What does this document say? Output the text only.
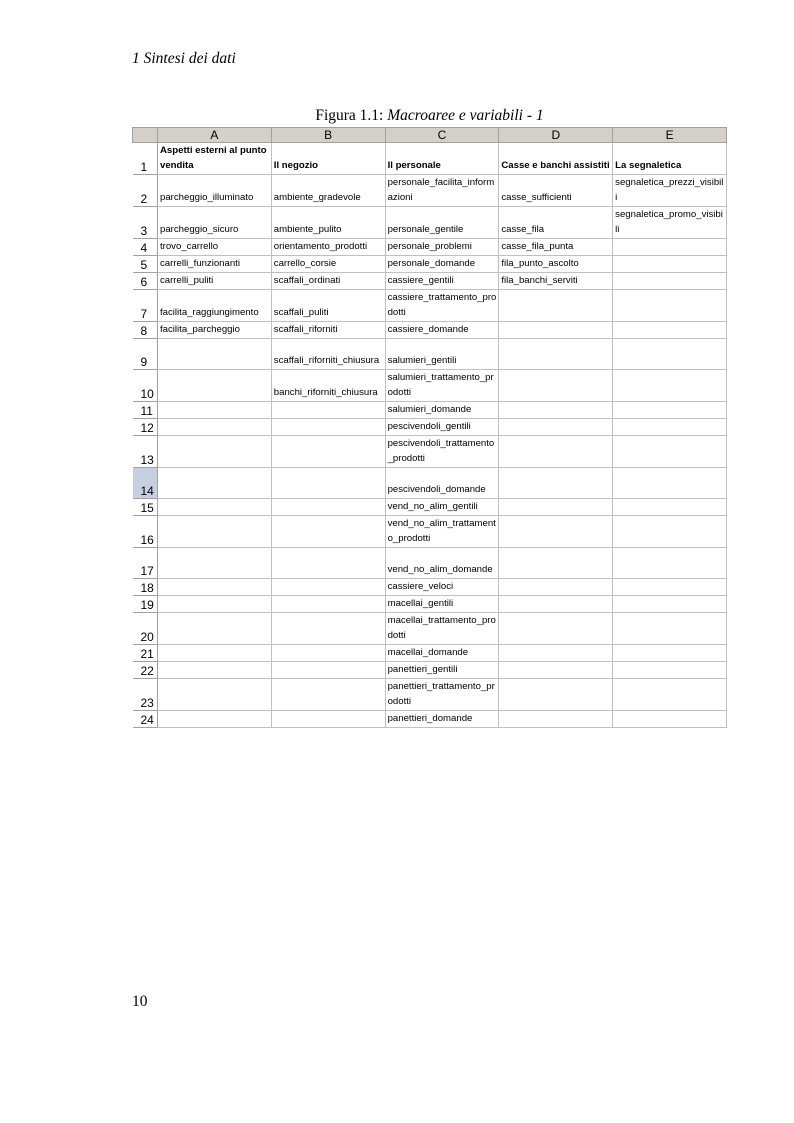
1 Sintesi dei dati
Figura 1.1: Macroaree e variabili - 1
	A	B	C	D	E
1	Aspetti esterni al punto vendita	Il negozio	Il personale	Casse e banchi assistiti	La segnaletica
2	parcheggio_illuminato	ambiente_gradevole	personale_facilita_informazioni	casse_sufficienti	segnaletica_prezzi_visibili
3	parcheggio_sicuro	ambiente_pulito	personale_gentile	casse_fila	segnaletica_promo_visibili
4	trovo_carrello	orientamento_prodotti	personale_problemi	casse_fila_punta	
5	carrelli_funzionanti	carrello_corsie	personale_domande	fila_punto_ascolto	
6	carrelli_puliti	scaffali_ordinati	cassiere_gentili	fila_banchi_serviti	
7	facilita_raggiungimento	scaffali_puliti	cassiere_trattamento_prodotti		
8	facilita_parcheggio	scaffali_riforniti	cassiere_domande		
9		scaffali_riforniti_chiusura	salumieri_gentili		
10		banchi_riforniti_chiusura	salumieri_trattamento_prodotti		
11			salumieri_domande		
12			pescivendoli_gentili		
13			pescivendoli_trattamento_prodotti		
14			pescivendoli_domande		
15			vend_no_alim_gentili		
16			vend_no_alim_trattamento_prodotti		
17			vend_no_alim_domande		
18			cassiere_veloci		
19			macellai_gentili		
20			macellai_trattamento_prodotti		
21			macellai_domande		
22			panettieri_gentili		
23			panettieri_trattamento_prodotti		
24			panettieri_domande		
10
